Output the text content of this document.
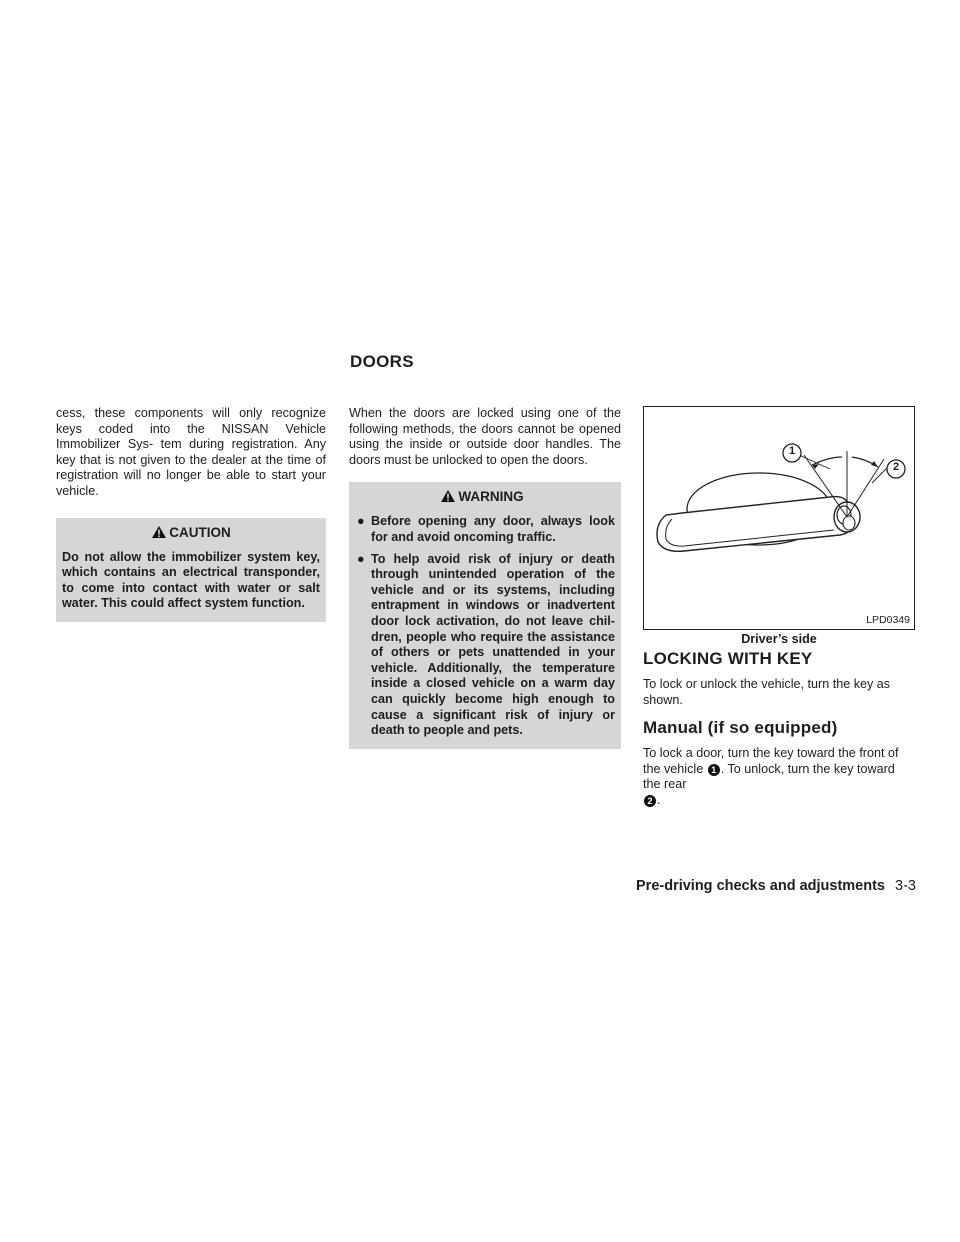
DOORS

cess, these components will only recognize keys coded into the NISSAN Vehicle Immobilizer Sys- tem during registration. Any key that is not given to the dealer at the time of registration will no longer be able to start your vehicle.

CAUTION
Do not allow the immobilizer system key, which contains an electrical transponder, to come into contact with water or salt water. This could affect system function.

When the doors are locked using one of the following methods, the doors cannot be opened using the inside or outside door handles. The doors must be unlocked to open the doors.

WARNING
● Before opening any door, always look for and avoid oncoming traffic.
● To help avoid risk of injury or death through unintended operation of the vehicle and or its systems, including entrapment in windows or inadvertent door lock activation, do not leave chil- dren, people who require the assistance of others or pets unattended in your vehicle. Additionally, the temperature inside a closed vehicle on a warm day can quickly become high enough to cause a significant risk of injury or death to people and pets.
1
2
LPD0349
Driver’s side
LOCKING WITH KEY

To lock or unlock the vehicle, turn the key as shown.

Manual (if so equipped)

To lock a door, turn the key toward the front of the vehicle 1 . To unlock, turn the key toward the rear
2 .

Pre-driving checks and adjustments 3-3
